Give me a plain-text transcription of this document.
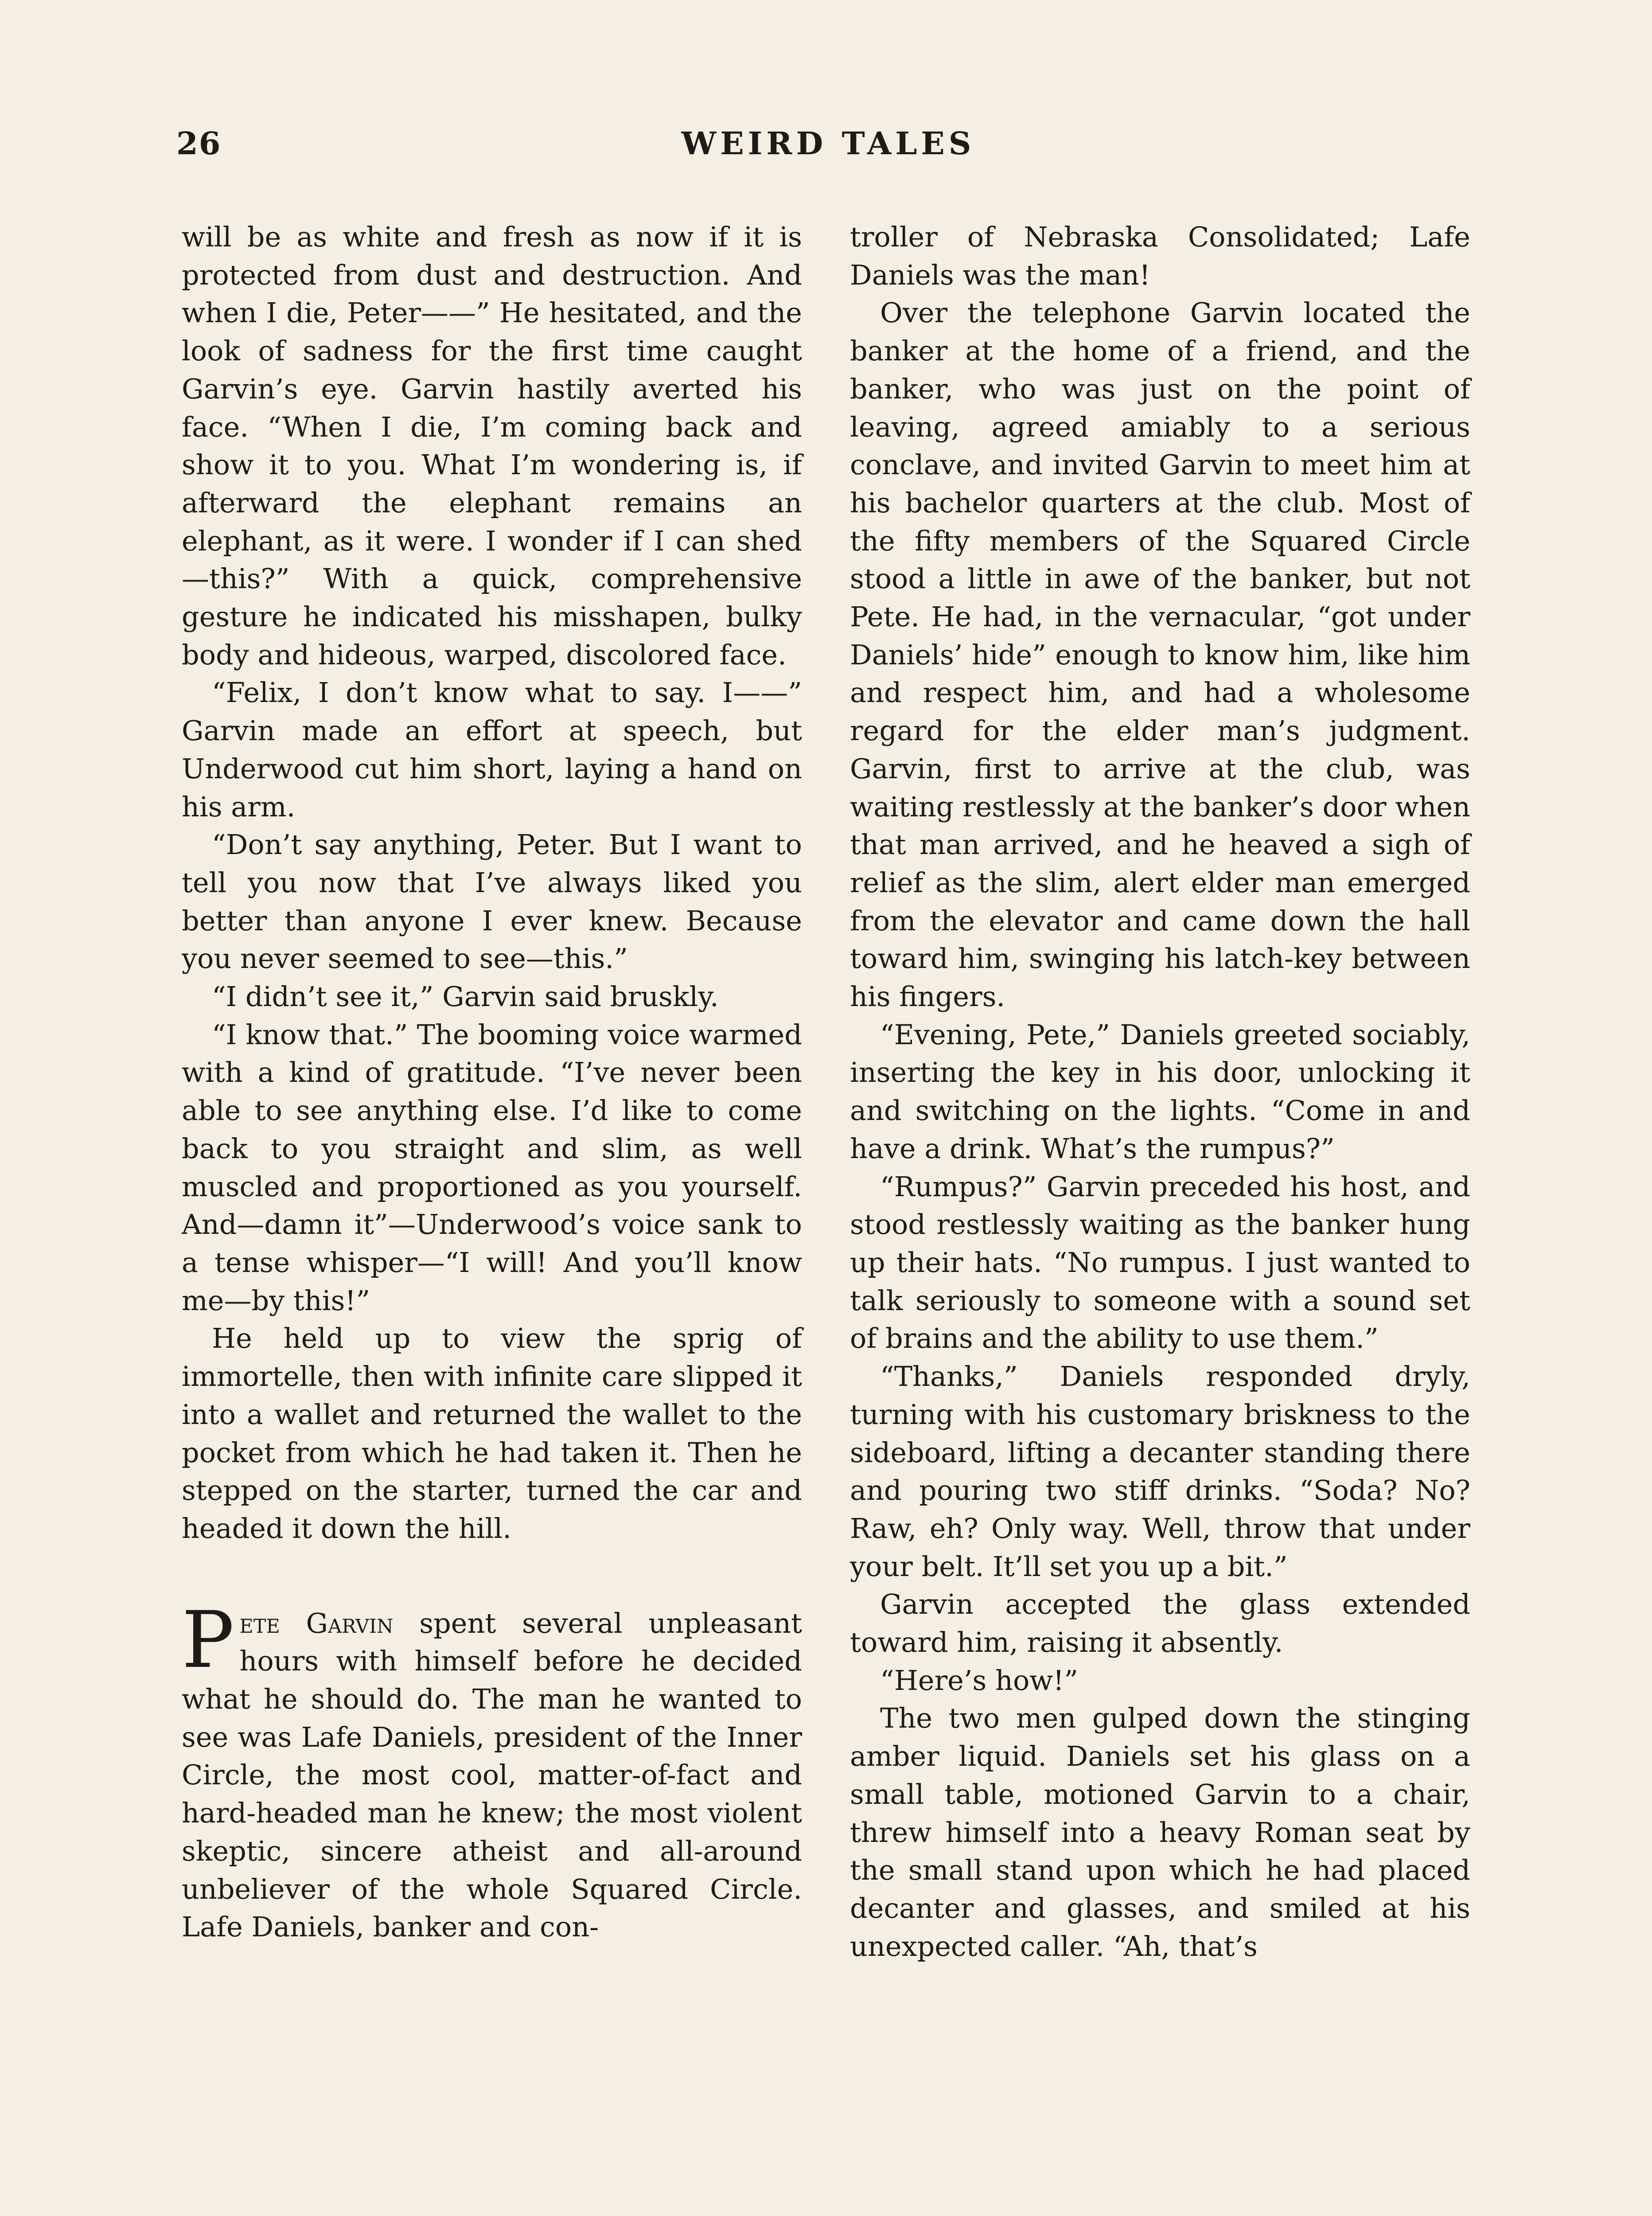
26	WEIRD TALES

will be as white and fresh as now if it is protected from dust and destruction. And when I die, Peter——” He hesitated, and the look of sadness for the first time caught Garvin’s eye. Garvin hastily averted his face. “When I die, I’m coming back and show it to you. What I’m wondering is, if afterward the elephant remains an elephant, as it were. I wonder if I can shed—this?” With a quick, comprehensive gesture he indicated his misshapen, bulky body and hideous, warped, discolored face.

“Felix, I don’t know what to say. I——” Garvin made an effort at speech, but Underwood cut him short, laying a hand on his arm.

“Don’t say anything, Peter. But I want to tell you now that I’ve always liked you better than anyone I ever knew. Because you never seemed to see—this.”

“I didn’t see it,” Garvin said bruskly.

“I know that.” The booming voice warmed with a kind of gratitude. “I’ve never been able to see anything else. I’d like to come back to you straight and slim, as well muscled and proportioned as you yourself. And—damn it”—Underwood’s voice sank to a tense whisper—“I will! And you’ll know me—by this!”

He held up to view the sprig of immortelle, then with infinite care slipped it into a wallet and returned the wallet to the pocket from which he had taken it. Then he stepped on the starter, turned the car and headed it down the hill.

Pete Garvin spent several unpleasant hours with himself before he decided what he should do. The man he wanted to see was Lafe Daniels, president of the Inner Circle, the most cool, matter-of-fact and hard-headed man he knew; the most violent skeptic, sincere atheist and all-around unbeliever of the whole Squared Circle. Lafe Daniels, banker and con-

troller of Nebraska Consolidated; Lafe Daniels was the man!

Over the telephone Garvin located the banker at the home of a friend, and the banker, who was just on the point of leaving, agreed amiably to a serious conclave, and invited Garvin to meet him at his bachelor quarters at the club. Most of the fifty members of the Squared Circle stood a little in awe of the banker, but not Pete. He had, in the vernacular, “got under Daniels’ hide” enough to know him, like him and respect him, and had a wholesome regard for the elder man’s judgment. Garvin, first to arrive at the club, was waiting restlessly at the banker’s door when that man arrived, and he heaved a sigh of relief as the slim, alert elder man emerged from the elevator and came down the hall toward him, swinging his latch-key between his fingers.

“Evening, Pete,” Daniels greeted sociably, inserting the key in his door, unlocking it and switching on the lights. “Come in and have a drink. What’s the rumpus?”

“Rumpus?” Garvin preceded his host, and stood restlessly waiting as the banker hung up their hats. “No rumpus. I just wanted to talk seriously to someone with a sound set of brains and the ability to use them.”

“Thanks,” Daniels responded dryly, turning with his customary briskness to the sideboard, lifting a decanter standing there and pouring two stiff drinks. “Soda? No? Raw, eh? Only way. Well, throw that under your belt. It’ll set you up a bit.”

Garvin accepted the glass extended toward him, raising it absently.

“Here’s how!”

The two men gulped down the stinging amber liquid. Daniels set his glass on a small table, motioned Garvin to a chair, threw himself into a heavy Roman seat by the small stand upon which he had placed decanter and glasses, and smiled at his unexpected caller. “Ah, that’s
